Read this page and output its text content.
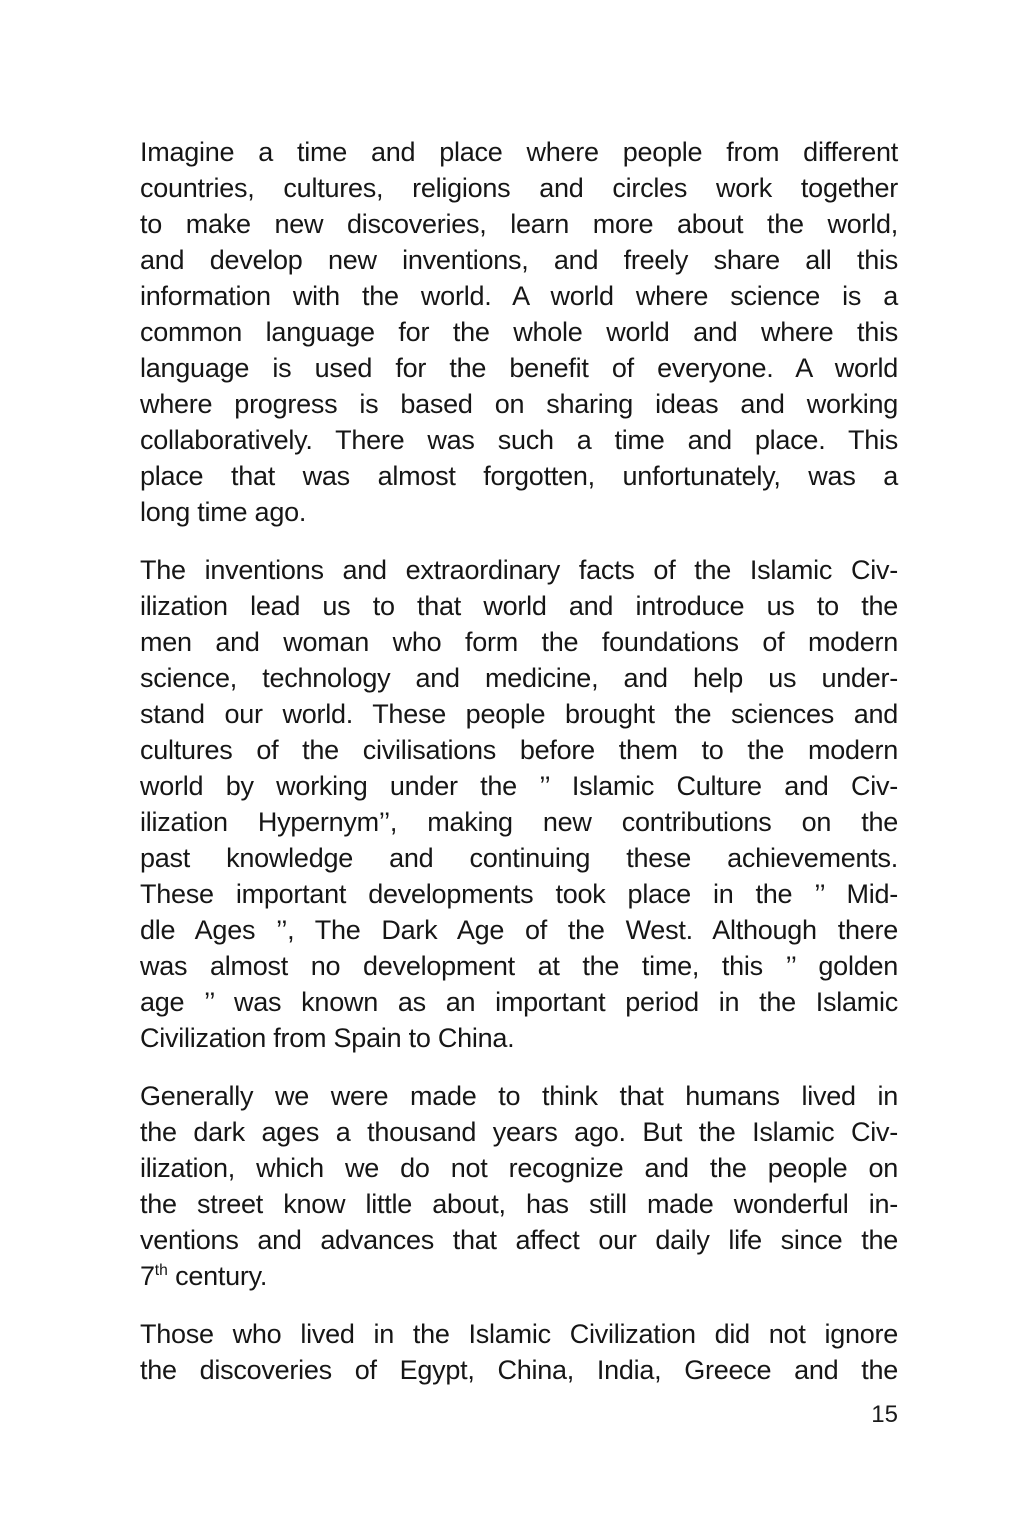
Imagine a time and place where people from different
countries, cultures, religions and circles work together
to make new discoveries, learn more about the world,
and develop new inventions, and freely share all this
information with the world. A world where science is a
common language for the whole world and where this
language is used for the benefit of everyone. A world
where progress is based on sharing ideas and working
collaboratively. There was such a time and place. This
place that was almost forgotten, unfortunately, was a
long time ago.
The inventions and extraordinary facts of the Islamic Civ-
ilization lead us to that world and introduce us to the
men and woman who form the foundations of modern
science, technology and medicine, and help us under-
stand our world. These people brought the sciences and
cultures of the civilisations before them to the modern
world by working under the ’’ Islamic Culture and Civ-
ilization Hypernym’’, making new contributions on the
past knowledge and continuing these achievements.
These important developments took place in the ’’ Mid-
dle Ages ’’, The Dark Age of the West. Although there
was almost no development at the time, this ’’ golden
age ’’ was known as an important period in the Islamic
Civilization from Spain to China.
Generally we were made to think that humans lived in
the dark ages a thousand years ago. But the Islamic Civ-
ilization, which we do not recognize and the people on
the street know little about, has still made wonderful in-
ventions and advances that affect our daily life since the
7th century.
Those who lived in the Islamic Civilization did not ignore
the discoveries of Egypt, China, India, Greece and the
15
